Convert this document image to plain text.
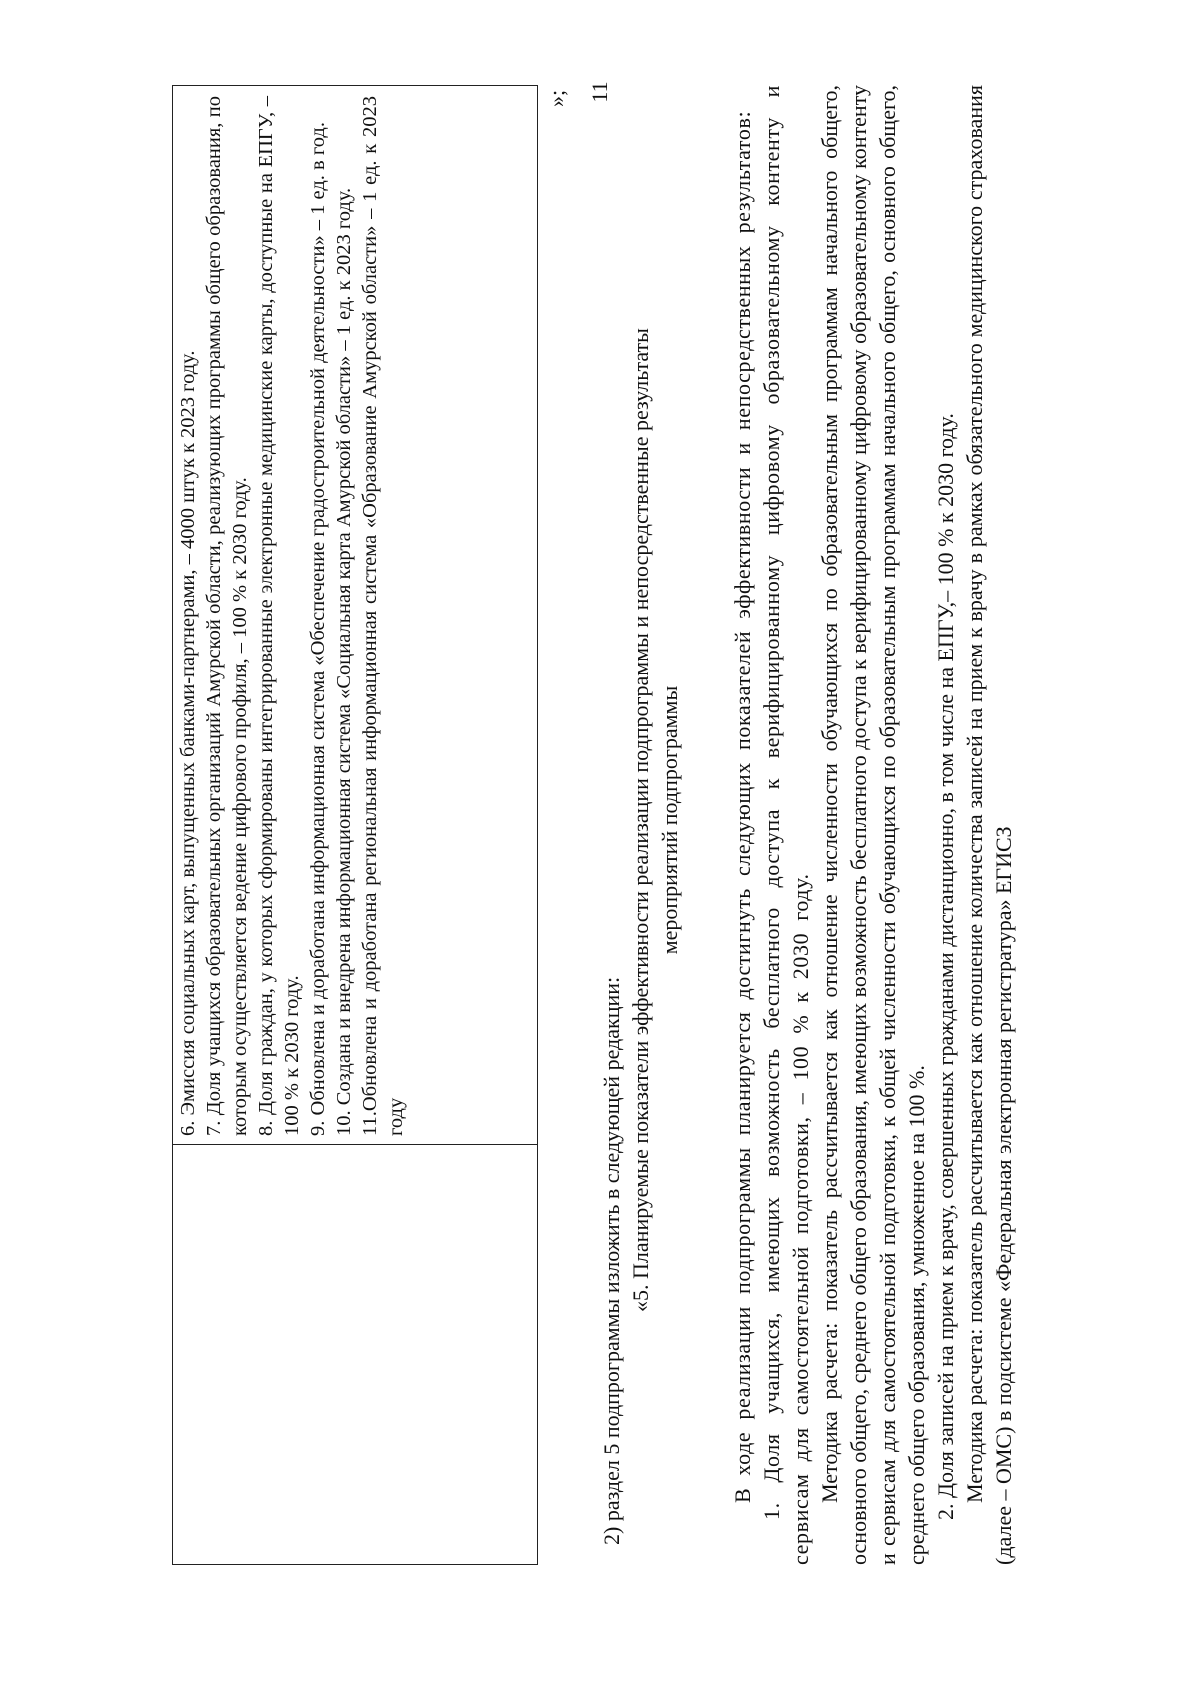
11

6. Эмиссия социальных карт, выпущенных банками-партнерами, – 4000 штук к 2023 году. 7. Доля учащихся образовательных организаций Амурской области, реализующих программы общего образования, по которым осуществляется ведение цифрового профиля, – 100 % к 2030 году. 8. Доля граждан, у которых сформированы интегрированные электронные медицинские карты, доступные на ЕПГУ, – 100 % к 2030 году. 9. Обновлена и доработана информационная система «Обеспечение градостроительной деятельности» – 1 ед. в год. 10. Создана и внедрена информационная система «Социальная карта Амурской области» – 1 ед. к 2023 году. 11.Обновлена и доработана региональная информационная система «Образование Амурской области» – 1 ед. к 2023 году

»;

2) раздел 5 подпрограммы изложить в следующей редакции: «5. Планируемые показатели эффективности реализации подпрограммы и непосредственные результаты мероприятий подпрограммы В ходе реализации подпрограммы планируется достигнуть следующих показателей эффективности и непосредственных результатов: 1. Доля учащихся, имеющих возможность бесплатного доступа к верифицированному цифровому образовательному контенту и сервисам для самостоятельной подготовки, – 100 % к 2030 году. Методика расчета: показатель рассчитывается как отношение численности обучающихся по образовательным программам начального общего, основного общего, среднего общего образования, имеющих возможность бесплатного доступа к верифицированному цифровому образовательному контенту и сервисам для самостоятельной подготовки, к общей численности обучающихся по образовательным программам начального общего, основного общего, среднего общего образования, умноженное на 100 %. 2. Доля записей на прием к врачу, совершенных гражданами дистанционно, в том числе на ЕПГУ,– 100 % к 2030 году. Методика расчета: показатель рассчитывается как отношение количества записей на прием к врачу в рамках обязательного медицинского страхования (далее – ОМС) в подсистеме «Федеральная электронная регистратура» ЕГИСЗ
